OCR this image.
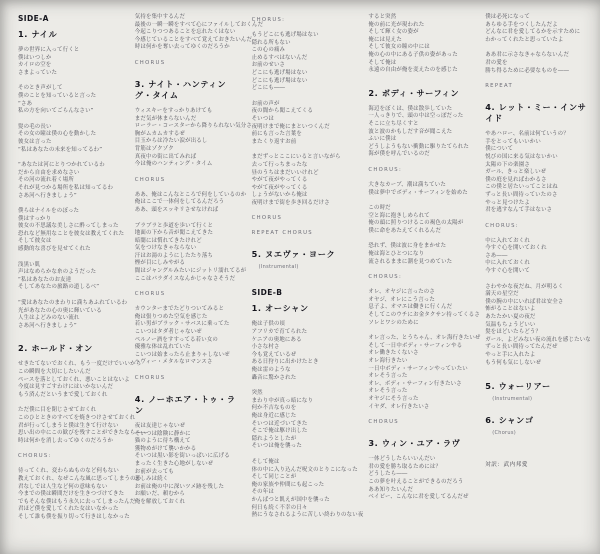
SIDE-A
1. ナイル
夢の世界に入って行くと
僕はいつしか
カイロの空を
さまよっていた
そのとき声がして
僕のことを知っていると言った
“さあ
私の方を向いてごらんなさい”
髪の毛の長い
その女の瞳は僕の心を動かした
彼女は言った
“私はあなたの未来を知ってるわ”
“あなたは河にとりつかれているわ
だから自由を求めなさい
その河の流れ着く場所
それが見つかる場所を私は知ってるわ
さあ河へ行きましょう”
僕らはナイルをのぼった
僕はすっかり
彼女の不思議な美しさに酔ってしまった
恐れなど無用なことを彼女は教えてくれた
そして彼女は
感動的な喜びを見せてくれた
浅黒い肌
声はなめらかな糸のようだった
“私はあなたのお友達
そしてあなたの旅路の道しるべ”
“愛はあなたのまわりに満ちあふれているわ
光があなたの心の奥に輝いている
人生はよどみのない流れ
さあ河へ行きましょう”
2. ホールド・オン
せきたてないでおくれ、もう一度だけでいいから
この瞬間を大切にしたいんだ
ペースを落としておくれ、悪いことはないよ
今度は見すごすわけにはいかないんだ
もう済んだというまで愛しておくれ
ただ僕に目を閉じさせておくれ
このひとときのすべてを焼きつけさせておくれ
君が行ってしまうと僕は生きて行けない
思い出の中にこの歓びを残すことができたなら――
時は何かを消し去ってゆくのだろうか
CHORUS:
待ってくれ、変わらぬものなど何もない
教えておくれ、なぜこんな風に思ってしまうのか
君なしでは人生など何の意味もない
今までの僕は瞬間だけを生きつづけてきた
でもそんな僕はもう永久に去ってしまったんだ
君ほど僕を愛してくれた女はいなかった
そして誰も僕を振り切って行きはしなかった
気持を集中するんだ
最後の一瞬一瞬をすべて心にファイルしておくんだ
今起こりつつあることを忘れたくはない
今感じていることをすべて覚えておきたいんだ
時は何かを奪い去ってゆくのだろうか
CHORUS
3. ナイト・ハンティング・タイム
ウィスキーをすっかりあけても
まだ気が休まらないんだ
ローラー・コースターから降りられない気分さ
胸がムカムカするぜ
目玉からは冷たい涙が出るし
背筋はゾクゾク
真夜中の街に出てみれば
今は俺のハンティング・タイム
CHORUS
ああ、俺はこんなところで何をしているのか
俺はここで一体何をしてるんだろう
ああ、頭をスッキリさせなければ
ブラブラと歩道を歩いて行くと
地面の下から音が聞こえてきた
暗闇には慣れてきたけれど
気をつけなきゃならない
汗はお湯のようにしたたり落ち
煙が目にしみやがる
闇はジャングルみたいにジットリ濡れてるが
ここはパラダイスなんかじゃなさそうだ
CHORUS
カウンターまでたどりついてみると
俺は張りつめた空気を感じた
若い男がブラック・サバスに乗ってた
こいつはタダ者じゃないぜ
ペルノー酒をすすってる若い女の
優雅な体は乱れていた
こいつは始まったら止まりゃしないぜ
ヘヴィー・メタルなロマンスさ
CHORUS
4. ノーホエア・トゥ・ラン
夜は友達じゃないぜ
そいつは陰険に静かに
猫のように待ち構えて
獲物めがけて襲いかかる
そいつは黒い影を街いっぱいに広げる
まったく生きた心地がしないぜ
お前が去っても
悲しみは続く
お前は俺の中に深いツメ跡を残した
お願いだ、頼むから
俺を解放しておくれ
CHORUS:
もうどこにも逃げ場はない
隠れる所もない
この心の痛み
止めるすべはないんだ
お前のせいさ
どこにも逃げ場はない
どこにも逃げ場はない
どこにも――
お前の声が
夜の闇から聞こえてくる
そいつは
夜明けまで俺にまといつくんだ
前にも言った言葉を
またくり返すお前
まだずっとここにいると言いながら
去って行っちまったな
昼のうちはまだいいけれど
やがて夜がやってくる
やがて夜がやってくる
しょうがないから俺は
夜明けまで街を歩き回るだけさ
CHORUS
REPEAT CHORUS
5. ヌエヴァ・ヨーク
(Instrumental)
SIDE-B
1. オーシャン
俺は子供の頃
アフリカで育てられた
ケニアの奥地にある
小さな村さ
今も覚えているぜ
ある日狩りに出かけたとき
俺は雷のような
轟音に驚かされた
突然
まわり中が真っ暗になり
何か不吉なものを
俺は身近に感じた
そいつは近づいてきた
そこで俺は駆け出した
隠れようとしたが
そいつは俺を襲った
そして俺は
体の中に入り込んだ呪文のとりこになった
そして同じことが
俺の家族や仲間にも起こった
その年は
かんばつと飢えが国中を襲った
何日も続く不幸の日々
熱にうなされるように苦しい終わりのない夜
すると突然
俺の前に光が現われた
そして輝く女の姿が
俺には見えた
そして彼女の瞳の中には
俺の心の中にある子供の姿があった
そして俺は
永遠の自由が俺を変えたのを感じた
2. ボディ・サーフィン
海辺をぼくは、僕は散歩していた
一人っきりで、頭の中は空っぽだった
そこに立ち尽くすと
波と波のかもしだす音が聞こえた
ふいに僕は
どうしようもない衝動に駆りたてられた
海が僕を呼んでいるのだ
CHORUS:
大きなカーブ、潮は満ちていた
僕は夢中でボディ・サーフィンを始めた
この時だ
空と海に抱きしめられて
俺の頭に照りつけるこの褐色の太陽が
僕に命をあたえてくれるんだ
恐れず、僕は波に身をまかせた
俺は海とひとつになり
流されるままに潮を見つめていた
CHORUS:
オレ、オヤジに言ったのさ
オヤジ、オレにこう言った
息子よ、オマエは働きに行くんだ
そしてこのウチにお金タクサン持ってくるさ
ソレとワシのために
オレ言った、とうちゃん、オレ海行きたいぜ
そして一日中ボディ・サーフィンやる
オレ働きたくないさ
オレ海行きたい
一日中ボディ・サーフィンやっていたい
オレそう言った
オレ、ボディ・サーフィン行きたいさ
オレそう言った
オヤジにそう言った
イヤダ、オレ行きたいさ
CHORUS
3. ウィン・ユア・ラヴ
一体どうしたらいいんだい
君の愛を勝ち取るためには？
どうしたら――
この夢を叶えることができるのだろう
ああ知りたいんだ
ベイビー、こんなに君を愛してるんだぜ
僕は必死になって
あらゆる手をつくしたんだよ
どんなに君を愛してるかを示すために
わかってくれたと思っていたよ
ああ君に示さなきゃならないんだ
君の愛を
勝ち得るために必要なものを――
REPEAT
4. レット・ミー・インサイド
やあハロー、名前は何ていうの？
手をとってもいいかい
僕について
悦びの国に来る気はないかい
太陽の下の楽園さ
ガール、きっと楽しいぜ
僕の庭を見ればわかるさ
この僕と居たいってことはね
ずっと長い間待っていたのさ
やっと見つけたよ
君を逃すなんて手はないさ
CHORUS:
中に入れておくれ
今すぐ心を開いておくれ
さあ――
中に入れておくれ
今すぐ心を開いて
さわやかな夜だね、月が明るく
満天の星空だ
僕の腕の中にいれば君は安全さ
怖がることはないよ
あたたかい夏の夜だ
気温もちょうどいい
髪をほどいたらどう？
ガール、よどみない夜の流れを感じたいな
ずっと長い間待ってたんだぜ
やっと手に入れたよ
もう何も気にしないぜ
5. ウォーリアー
(Instrumental)
6. シャンゴ
(Chorus)
対訳：武内邦愛
